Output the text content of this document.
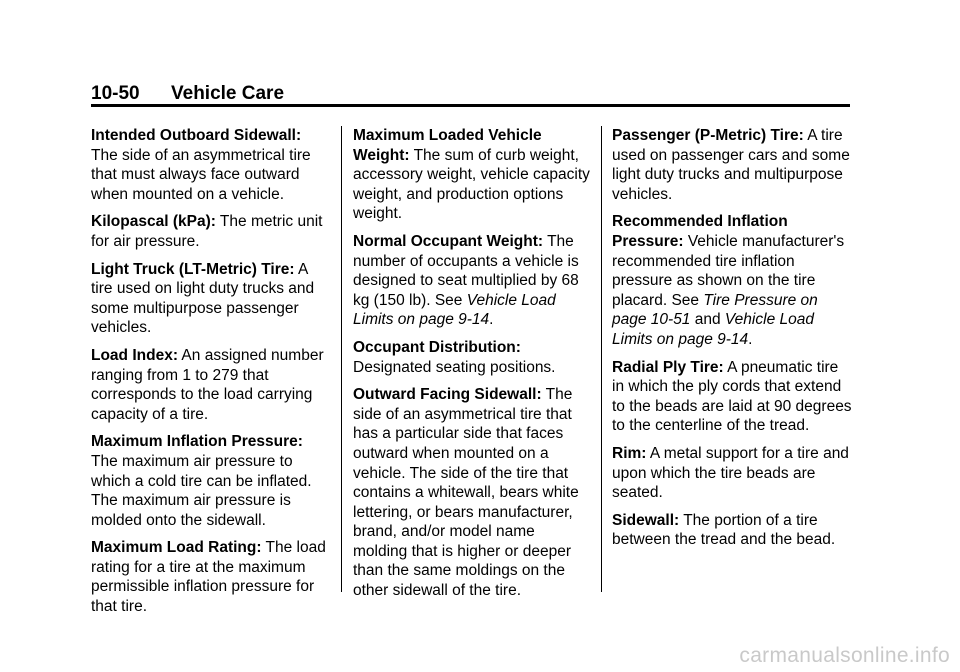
10-50 Vehicle Care

Intended Outboard Sidewall: The side of an asymmetrical tire that must always face outward when mounted on a vehicle.

Kilopascal (kPa): The metric unit for air pressure.

Light Truck (LT-Metric) Tire: A tire used on light duty trucks and some multipurpose passenger vehicles.

Load Index: An assigned number ranging from 1 to 279 that corresponds to the load carrying capacity of a tire.

Maximum Inflation Pressure: The maximum air pressure to which a cold tire can be inflated. The maximum air pressure is molded onto the sidewall.

Maximum Load Rating: The load rating for a tire at the maximum permissible inflation pressure for that tire.

Maximum Loaded Vehicle Weight: The sum of curb weight, accessory weight, vehicle capacity weight, and production options weight.

Normal Occupant Weight: The number of occupants a vehicle is designed to seat multiplied by 68 kg (150 lb). See Vehicle Load Limits on page 9-14.

Occupant Distribution: Designated seating positions.

Outward Facing Sidewall: The side of an asymmetrical tire that has a particular side that faces outward when mounted on a vehicle. The side of the tire that contains a whitewall, bears white lettering, or bears manufacturer, brand, and/or model name molding that is higher or deeper than the same moldings on the other sidewall of the tire.

Passenger (P-Metric) Tire: A tire used on passenger cars and some light duty trucks and multipurpose vehicles.

Recommended Inflation Pressure: Vehicle manufacturer's recommended tire inflation pressure as shown on the tire placard. See Tire Pressure on page 10-51 and Vehicle Load Limits on page 9-14.

Radial Ply Tire: A pneumatic tire in which the ply cords that extend to the beads are laid at 90 degrees to the centerline of the tread.

Rim: A metal support for a tire and upon which the tire beads are seated.

Sidewall: The portion of a tire between the tread and the bead.

carmanualsonline.info
